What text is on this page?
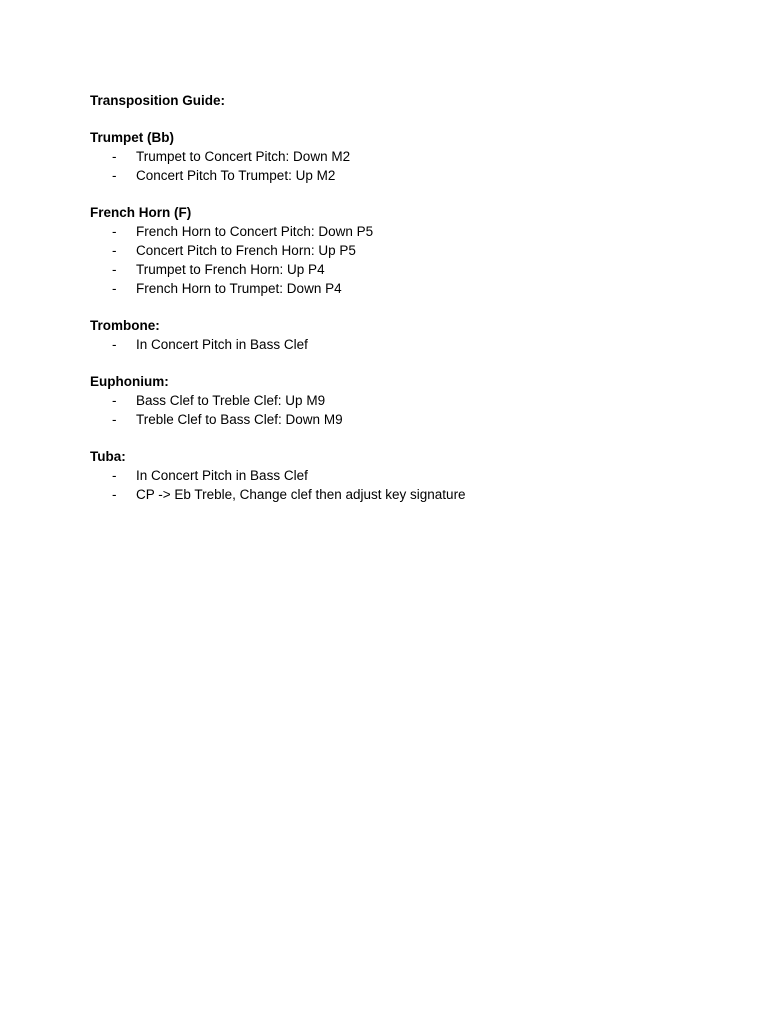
Transposition Guide:

Trumpet (Bb)

- Trumpet to Concert Pitch: Down M2
- Concert Pitch To Trumpet: Up M2

French Horn (F)

- French Horn to Concert Pitch: Down P5
- Concert Pitch to French Horn: Up P5
- Trumpet to French Horn: Up P4
- French Horn to Trumpet: Down P4

Trombone:

- In Concert Pitch in Bass Clef

Euphonium:

- Bass Clef to Treble Clef: Up M9
- Treble Clef to Bass Clef: Down M9

Tuba:

- In Concert Pitch in Bass Clef
- CP -> Eb Treble, Change clef then adjust key signature
